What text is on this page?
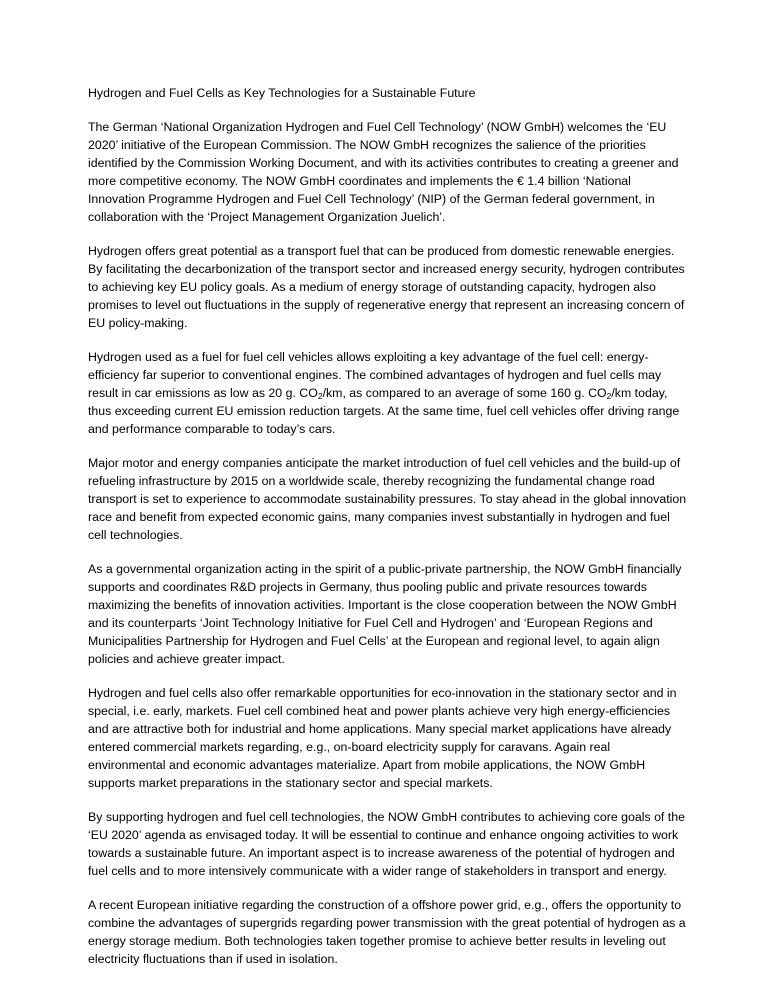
Hydrogen and Fuel Cells as Key Technologies for a Sustainable Future

The German ‘National Organization Hydrogen and Fuel Cell Technology’ (NOW GmbH) welcomes the ‘EU 2020’ initiative of the European Commission. The NOW GmbH recognizes the salience of the priorities identified by the Commission Working Document, and with its activities contributes to creating a greener and more competitive economy. The NOW GmbH coordinates and implements the € 1.4 billion ‘National Innovation Programme Hydrogen and Fuel Cell Technology’ (NIP) of the German federal government, in collaboration with the ‘Project Management Organization Juelich’.

Hydrogen offers great potential as a transport fuel that can be produced from domestic renewable energies. By facilitating the decarbonization of the transport sector and increased energy security, hydrogen contributes to achieving key EU policy goals. As a medium of energy storage of outstanding capacity, hydrogen also promises to level out fluctuations in the supply of regenerative energy that represent an increasing concern of EU policy-making.

Hydrogen used as a fuel for fuel cell vehicles allows exploiting a key advantage of the fuel cell: energy-efficiency far superior to conventional engines. The combined advantages of hydrogen and fuel cells may result in car emissions as low as 20 g. $CO_2/km$, as compared to an average of some 160 g. $CO_2/km$ today, thus exceeding current EU emission reduction targets. At the same time, fuel cell vehicles offer driving range and performance comparable to today’s cars.

Major motor and energy companies anticipate the market introduction of fuel cell vehicles and the build-up of refueling infrastructure by 2015 on a worldwide scale, thereby recognizing the fundamental change road transport is set to experience to accommodate sustainability pressures. To stay ahead in the global innovation race and benefit from expected economic gains, many companies invest substantially in hydrogen and fuel cell technologies.

As a governmental organization acting in the spirit of a public-private partnership, the NOW GmbH financially supports and coordinates R&D projects in Germany, thus pooling public and private resources towards maximizing the benefits of innovation activities. Important is the close cooperation between the NOW GmbH and its counterparts ‘Joint Technology Initiative for Fuel Cell and Hydrogen’ and ‘European Regions and Municipalities Partnership for Hydrogen and Fuel Cells’ at the European and regional level, to again align policies and achieve greater impact.

Hydrogen and fuel cells also offer remarkable opportunities for eco-innovation in the stationary sector and in special, i.e. early, markets. Fuel cell combined heat and power plants achieve very high energy-efficiencies and are attractive both for industrial and home applications. Many special market applications have already entered commercial markets regarding, e.g., on-board electricity supply for caravans. Again real environmental and economic advantages materialize. Apart from mobile applications, the NOW GmbH supports market preparations in the stationary sector and special markets.

By supporting hydrogen and fuel cell technologies, the NOW GmbH contributes to achieving core goals of the ‘EU 2020’ agenda as envisaged today. It will be essential to continue and enhance ongoing activities to work towards a sustainable future. An important aspect is to increase awareness of the potential of hydrogen and fuel cells and to more intensively communicate with a wider range of stakeholders in transport and energy.

A recent European initiative regarding the construction of a offshore power grid, e.g., offers the opportunity to combine the advantages of supergrids regarding power transmission with the great potential of hydrogen as a energy storage medium. Both technologies taken together promise to achieve better results in leveling out electricity fluctuations than if used in isolation.
